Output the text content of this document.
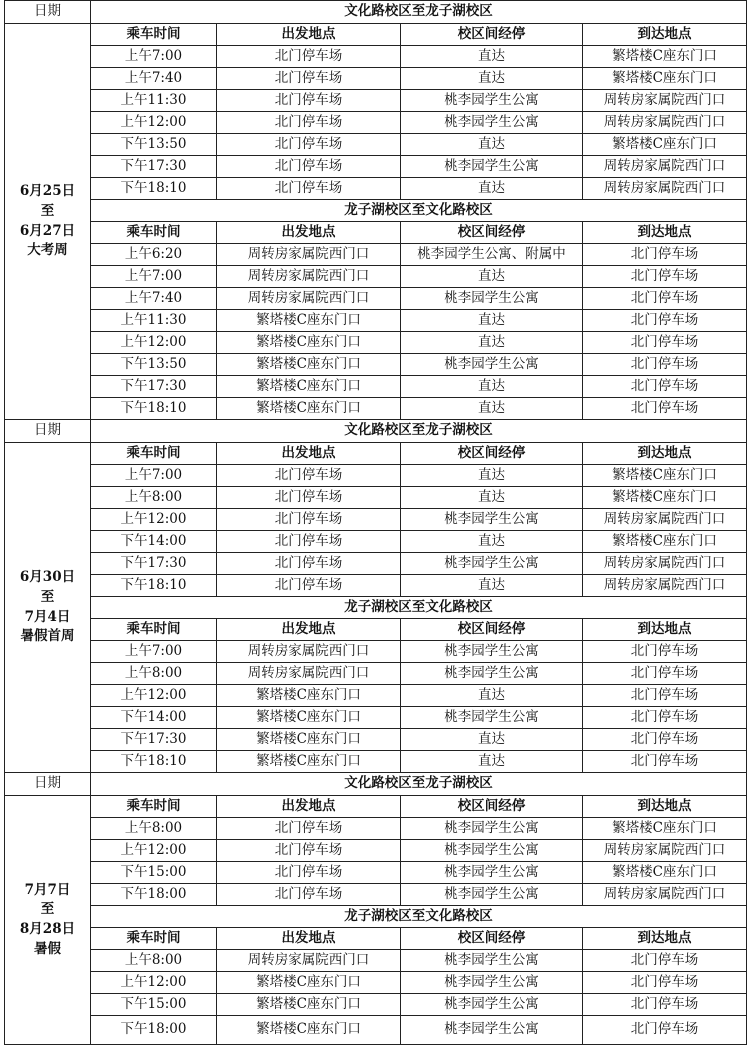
日期	文化路校区至龙子湖校区			

6月25日
至
6月27日
大考周	乘车时间	出发地点	校区间经停	到达地点
	上午7:00	北门停车场	直达	繁塔楼C座东门口
	上午7:40	北门停车场	直达	繁塔楼C座东门口
	上午11:30	北门停车场	桃李园学生公寓	周转房家属院西门口
	上午12:00	北门停车场	桃李园学生公寓	周转房家属院西门口
	下午13:50	北门停车场	直达	繁塔楼C座东门口
	下午17:30	北门停车场	桃李园学生公寓	周转房家属院西门口
	下午18:10	北门停车场	直达	周转房家属院西门口
	龙子湖校区至文化路校区			
	乘车时间	出发地点	校区间经停	到达地点
	上午6:20	周转房家属院西门口	桃李园学生公寓、附属中	北门停车场
	上午7:00	周转房家属院西门口	直达	北门停车场
	上午7:40	周转房家属院西门口	桃李园学生公寓	北门停车场
	上午11:30	繁塔楼C座东门口	直达	北门停车场
	上午12:00	繁塔楼C座东门口	直达	北门停车场
	下午13:50	繁塔楼C座东门口	桃李园学生公寓	北门停车场
	下午17:30	繁塔楼C座东门口	直达	北门停车场
	下午18:10	繁塔楼C座东门口	直达	北门停车场
日期	文化路校区至龙子湖校区			

6月30日
至
7月4日
暑假首周	乘车时间	出发地点	校区间经停	到达地点
	上午7:00	北门停车场	直达	繁塔楼C座东门口
	上午8:00	北门停车场	直达	繁塔楼C座东门口
	上午12:00	北门停车场	桃李园学生公寓	周转房家属院西门口
	下午14:00	北门停车场	直达	繁塔楼C座东门口
	下午17:30	北门停车场	桃李园学生公寓	周转房家属院西门口
	下午18:10	北门停车场	直达	周转房家属院西门口
	龙子湖校区至文化路校区			
	乘车时间	出发地点	校区间经停	到达地点
	上午7:00	周转房家属院西门口	桃李园学生公寓	北门停车场
	上午8:00	周转房家属院西门口	桃李园学生公寓	北门停车场
	上午12:00	繁塔楼C座东门口	直达	北门停车场
	下午14:00	繁塔楼C座东门口	桃李园学生公寓	北门停车场
	下午17:30	繁塔楼C座东门口	直达	北门停车场
	下午18:10	繁塔楼C座东门口	直达	北门停车场
日期	文化路校区至龙子湖校区			

7月7日
至
8月28日
暑假	乘车时间	出发地点	校区间经停	到达地点
	上午8:00	北门停车场	桃李园学生公寓	繁塔楼C座东门口
	上午12:00	北门停车场	桃李园学生公寓	周转房家属院西门口
	下午15:00	北门停车场	桃李园学生公寓	繁塔楼C座东门口
	下午18:00	北门停车场	桃李园学生公寓	周转房家属院西门口
	龙子湖校区至文化路校区			
	乘车时间	出发地点	校区间经停	到达地点
	上午8:00	周转房家属院西门口	桃李园学生公寓	北门停车场
	上午12:00	繁塔楼C座东门口	桃李园学生公寓	北门停车场
	下午15:00	繁塔楼C座东门口	桃李园学生公寓	北门停车场
	下午18:00	繁塔楼C座东门口	桃李园学生公寓	北门停车场
